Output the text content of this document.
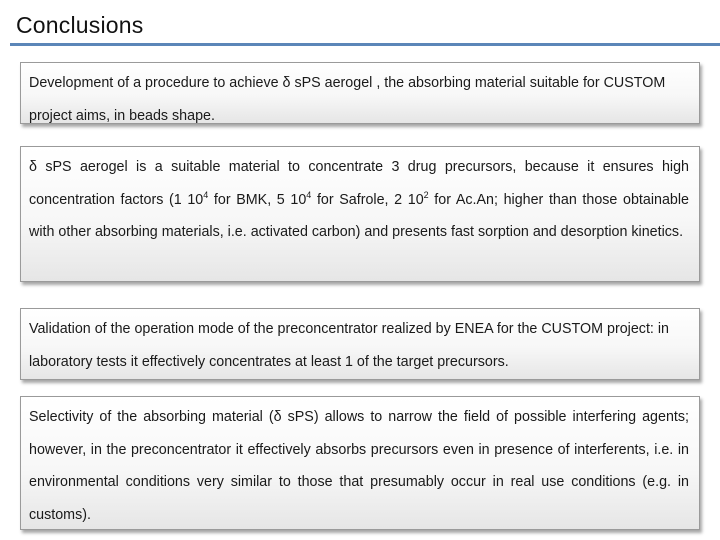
Conclusions
Development of a procedure to achieve δ sPS aerogel , the absorbing material suitable for CUSTOM project aims, in beads shape.
δ sPS aerogel is a suitable material to concentrate 3 drug precursors, because it ensures high concentration factors (1 $10^4$ for BMK, 5 $10^4$ for Safrole, 2 $10^2$ for Ac.An; higher than those obtainable with other absorbing materials, i.e. activated carbon) and presents fast sorption and desorption kinetics.
Validation of the operation mode of the preconcentrator realized by ENEA for the CUSTOM project: in laboratory tests it effectively concentrates at least 1 of the target precursors.
Selectivity of the absorbing material (δ sPS) allows to narrow the field of possible interfering agents; however, in the preconcentrator it effectively absorbs precursors even in presence of interferents, i.e. in environmental conditions very similar to those that presumably occur in real use conditions (e.g. in customs).
